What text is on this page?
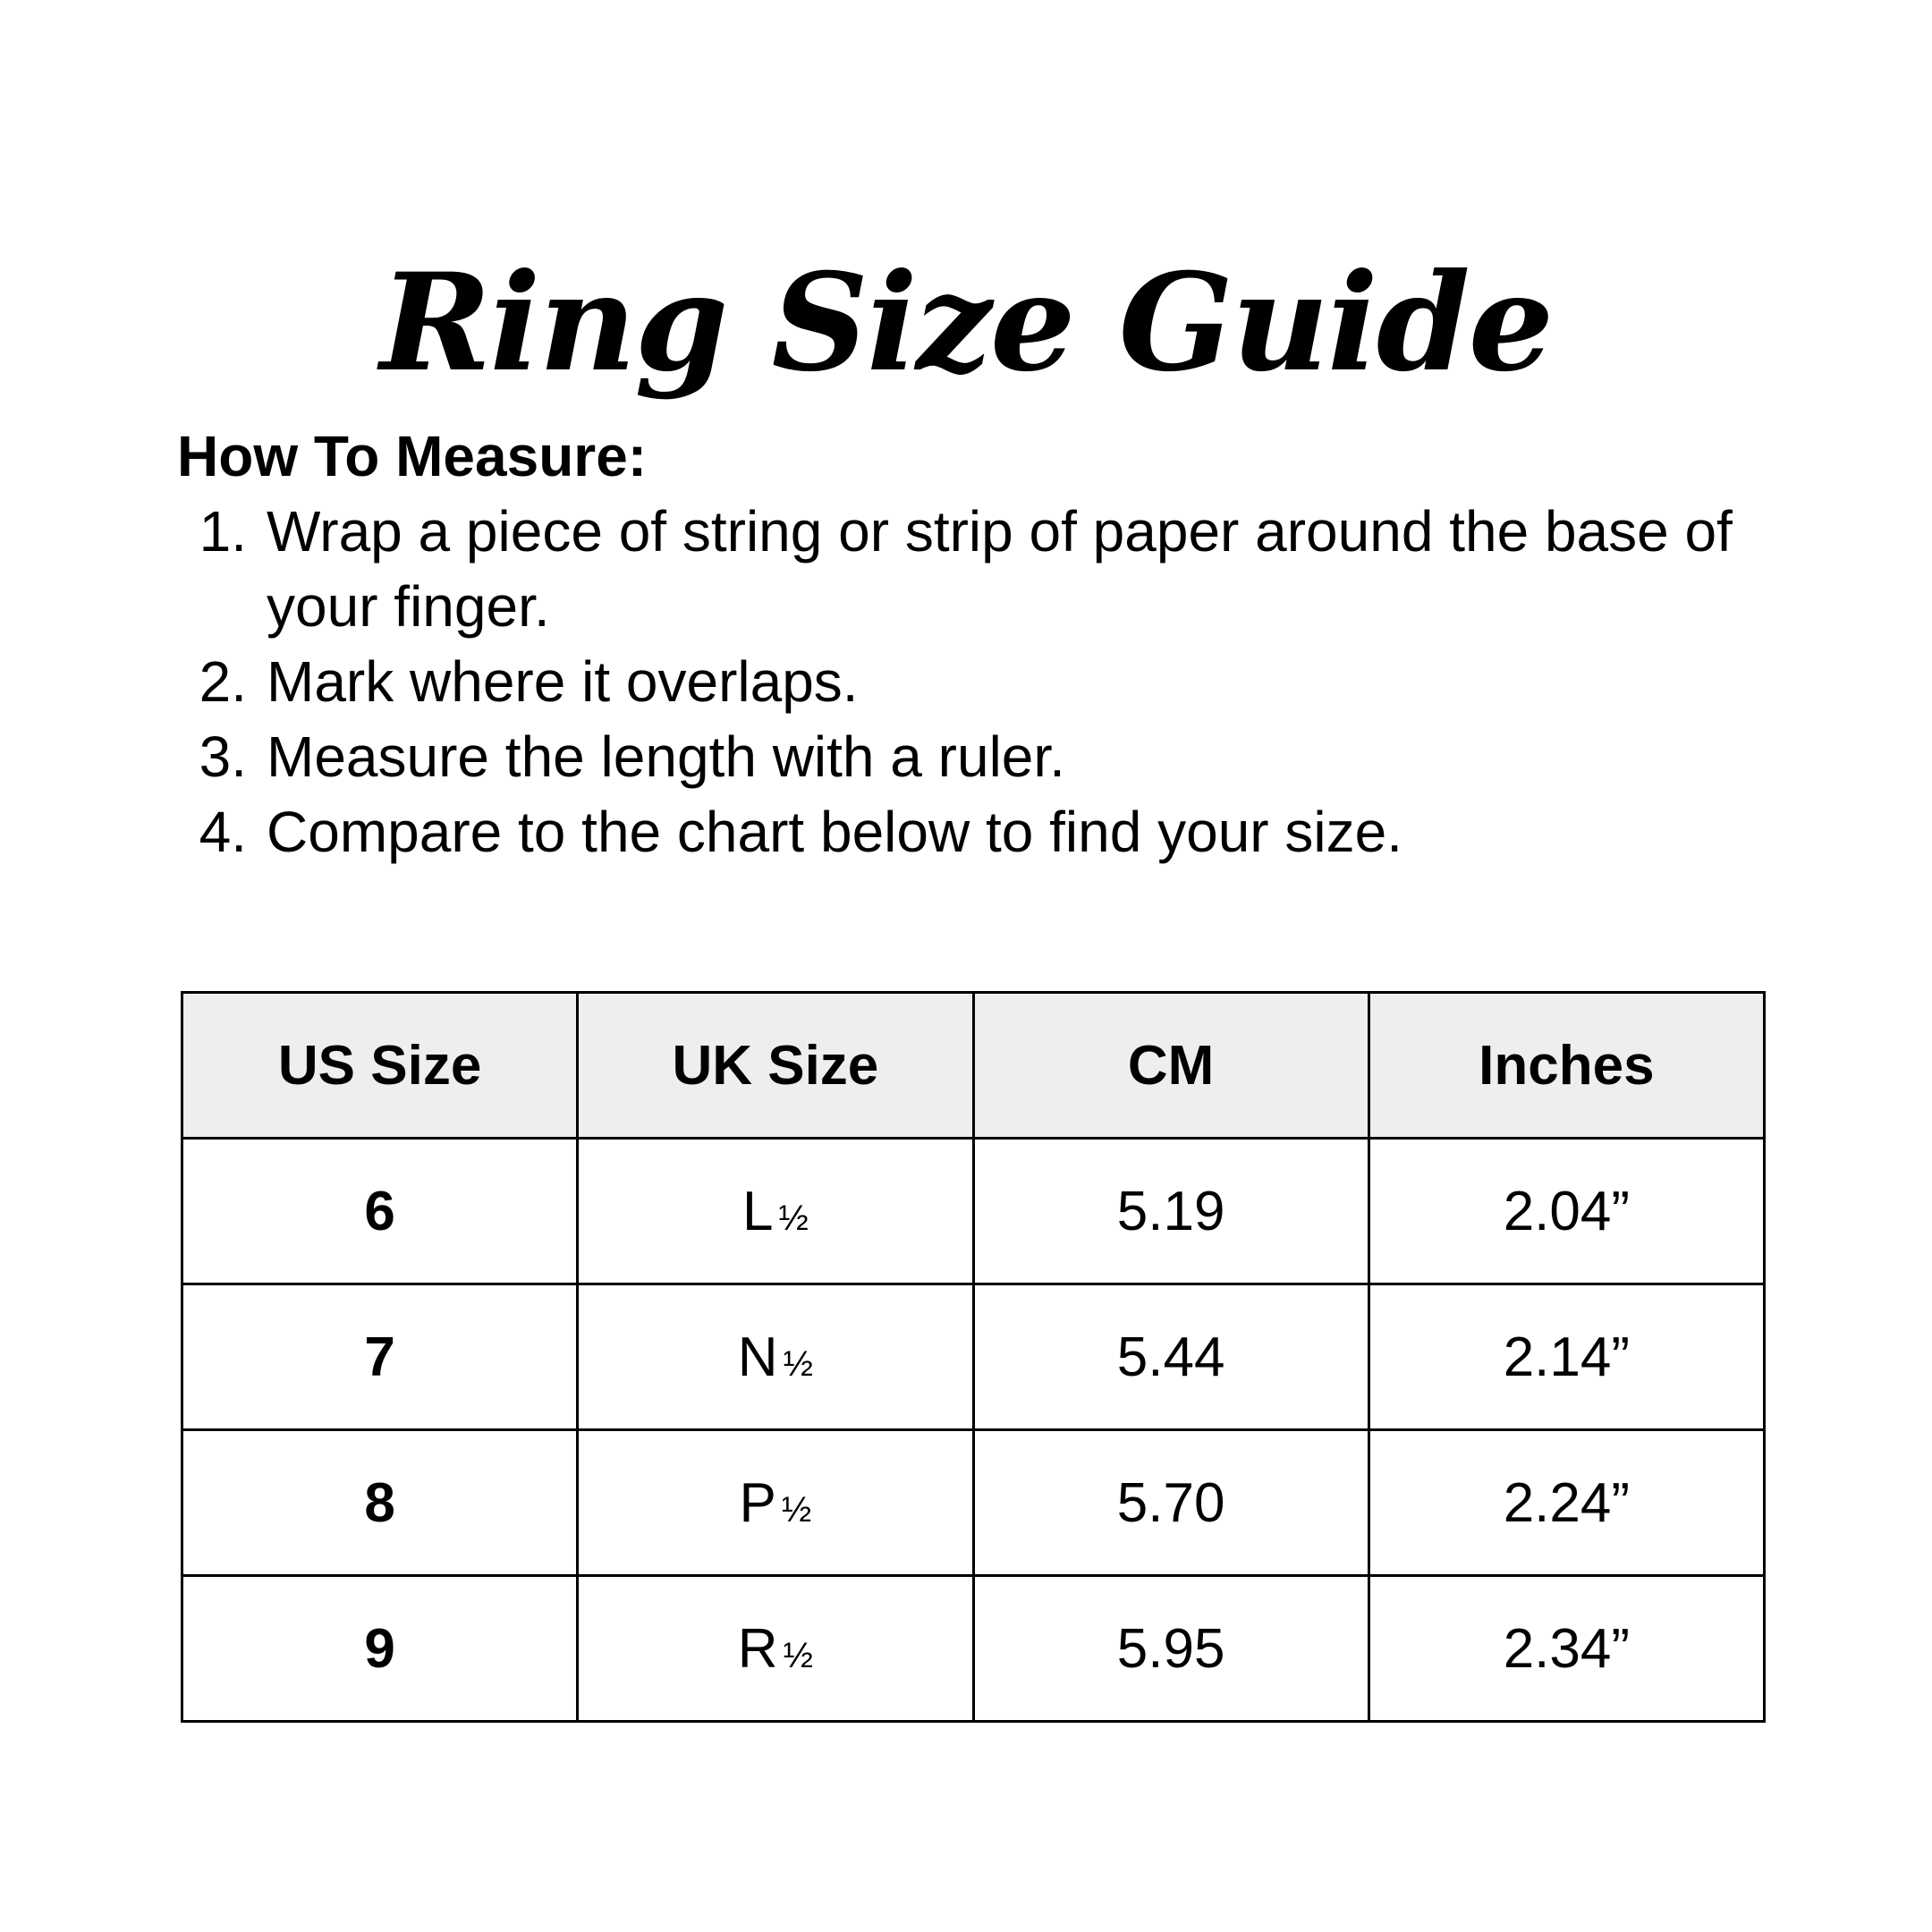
Ring Size Guide

How To Measure:

1. Wrap a piece of string or strip of paper around the base of your finger.
2. Mark where it overlaps.
3. Measure the length with a ruler.
4. Compare to the chart below to find your size.
US Size	UK Size	CM	Inches
6	L ½	5.19	2.04”
7	N ½	5.44	2.14”
8	P ½	5.70	2.24”
9	R ½	5.95	2.34”
